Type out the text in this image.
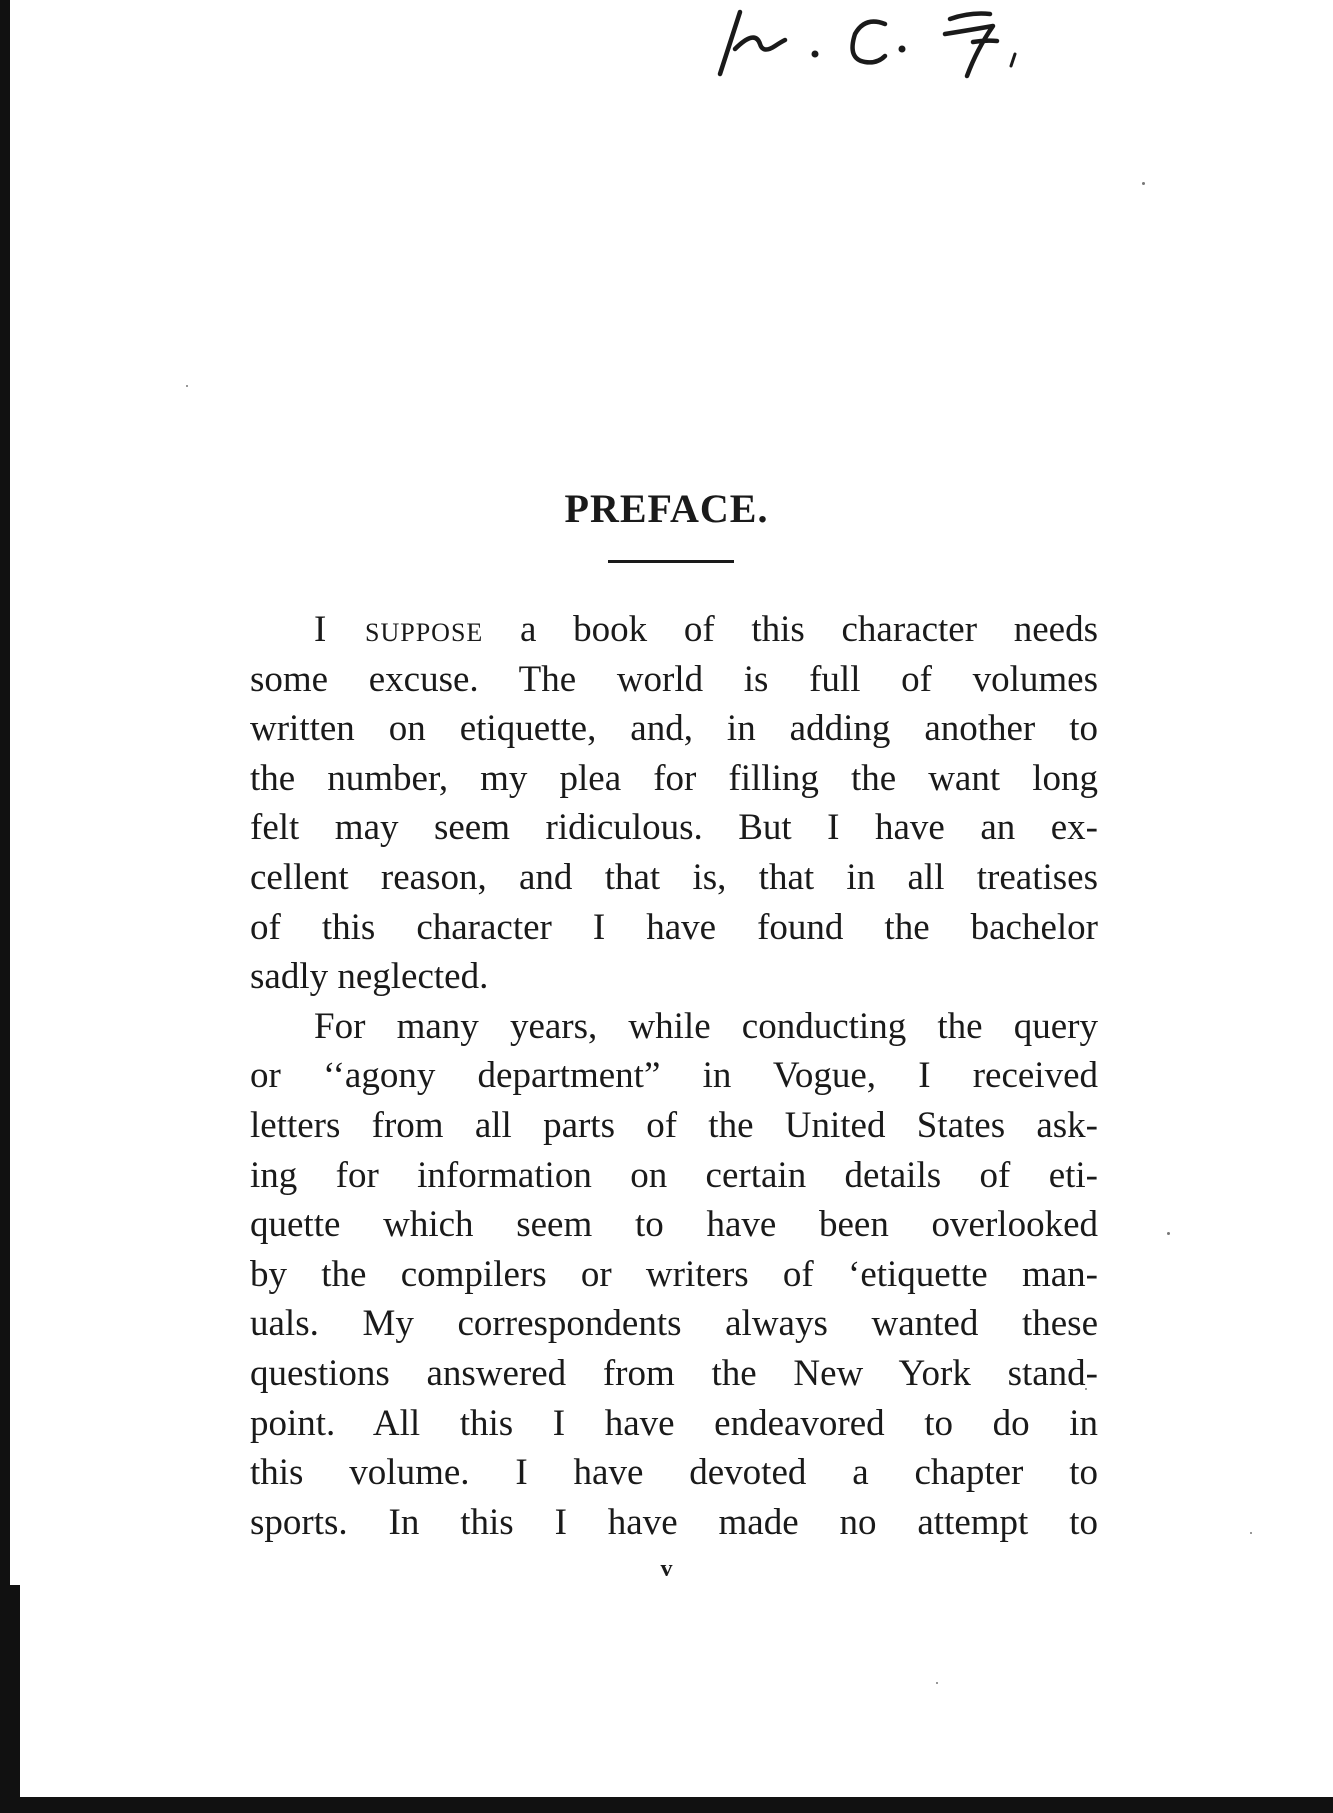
PREFACE.
I suppose a book of this character needs
some excuse. The world is full of volumes
written on etiquette, and, in adding another to
the number, my plea for filling the want long
felt may seem ridiculous. But I have an ex-
cellent reason, and that is, that in all treatises
of this character I have found the bachelor
sadly neglected.
For many years, while conducting the query
or ‘‘agony department” in Vogue, I received
letters from all parts of the United States ask-
ing for information on certain details of eti-
quette which seem to have been overlooked
by the compilers or writers of ‘etiquette man-
uals. My correspondents always wanted these
questions answered from the New York stand-
point. All this I have endeavored to do in
this volume. I have devoted a chapter to
sports. In this I have made no attempt to
v
